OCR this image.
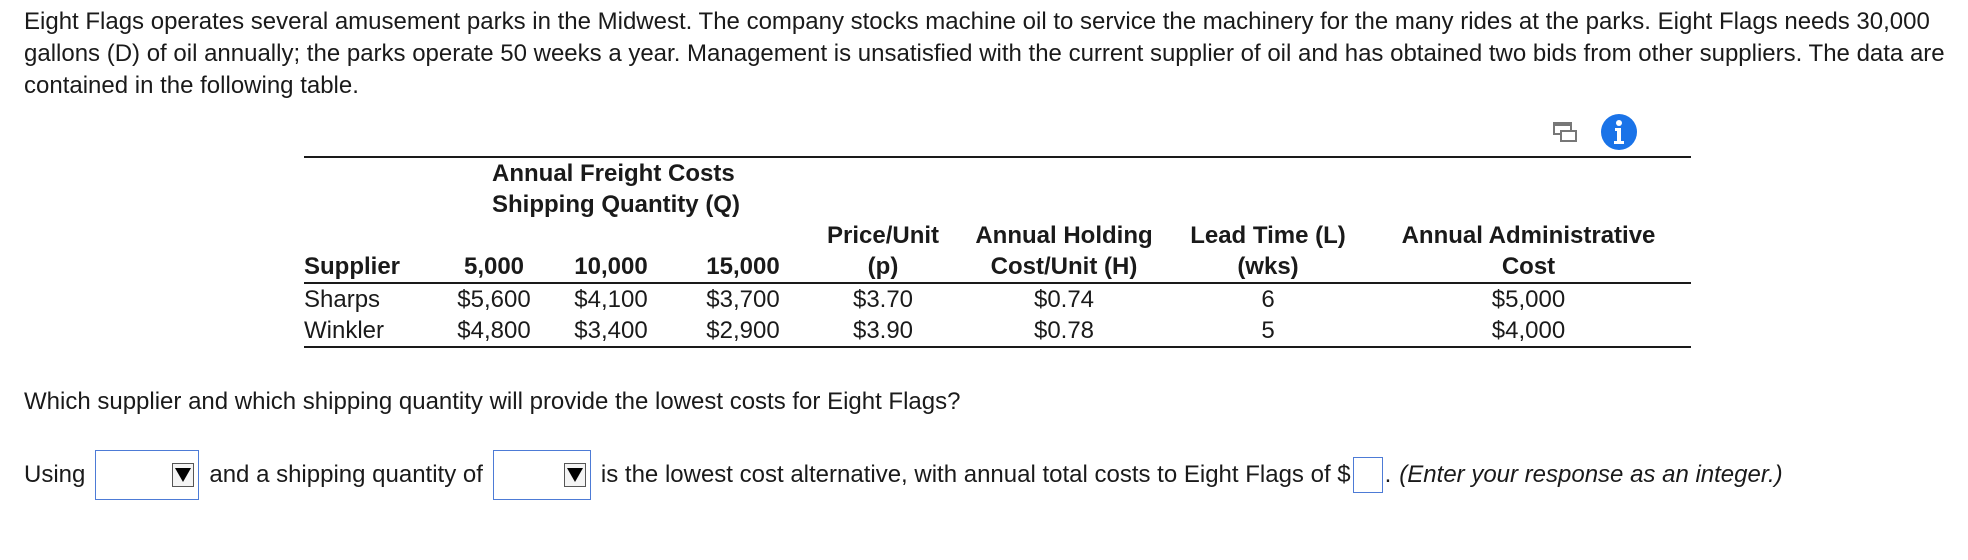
Eight Flags operates several amusement parks in the Midwest. The company stocks machine oil to service the machinery for the many rides at the parks. Eight Flags needs 30,000 gallons (D) of oil annually; the parks operate 50 weeks a year. Management is unsatisfied with the current supplier of oil and has obtained two bids from other suppliers. The data are contained in the following table.

Annual Freight Costs
Shipping Quantity (Q)							

				Price/Unit	Annual Holding	Lead Time (L)	Annual Administrative
Supplier	5,000	10,000	15,000	(p)	Cost/Unit (H)	(wks)	Cost
Sharps	$5,600	$4,100	$3,700	$3.70	$0.74	6	$5,000
Winkler	$4,800	$3,400	$2,900	$3.90	$0.78	5	$4,000

Which supplier and which shipping quantity will provide the lowest costs for Eight Flags?

Using	and a shipping quantity of	is the lowest cost alternative, with annual total costs to Eight Flags of $ . (Enter your response as an integer.)
